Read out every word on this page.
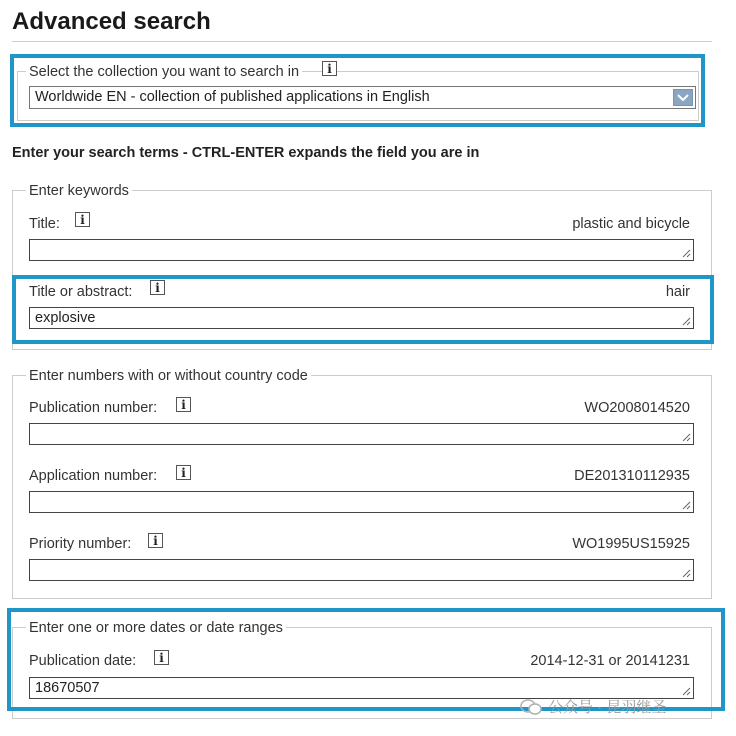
Advanced search
Select the collection you want to search in	i
Worldwide EN - collection of published applications in English
Enter your search terms - CTRL-ENTER expands the field you are in
Enter keywords
Title:	i	plastic and bicycle
Title or abstract:	i	hair
explosive
Enter numbers with or without country code
Publication number:	i	WO2008014520
Application number:	i	DE201310112935
Priority number:	i	WO1995US15925
Enter one or more dates or date ranges
Publication date:	i	2014-12-31 or 20141231
18670507
公众号 · 昆羽继圣
